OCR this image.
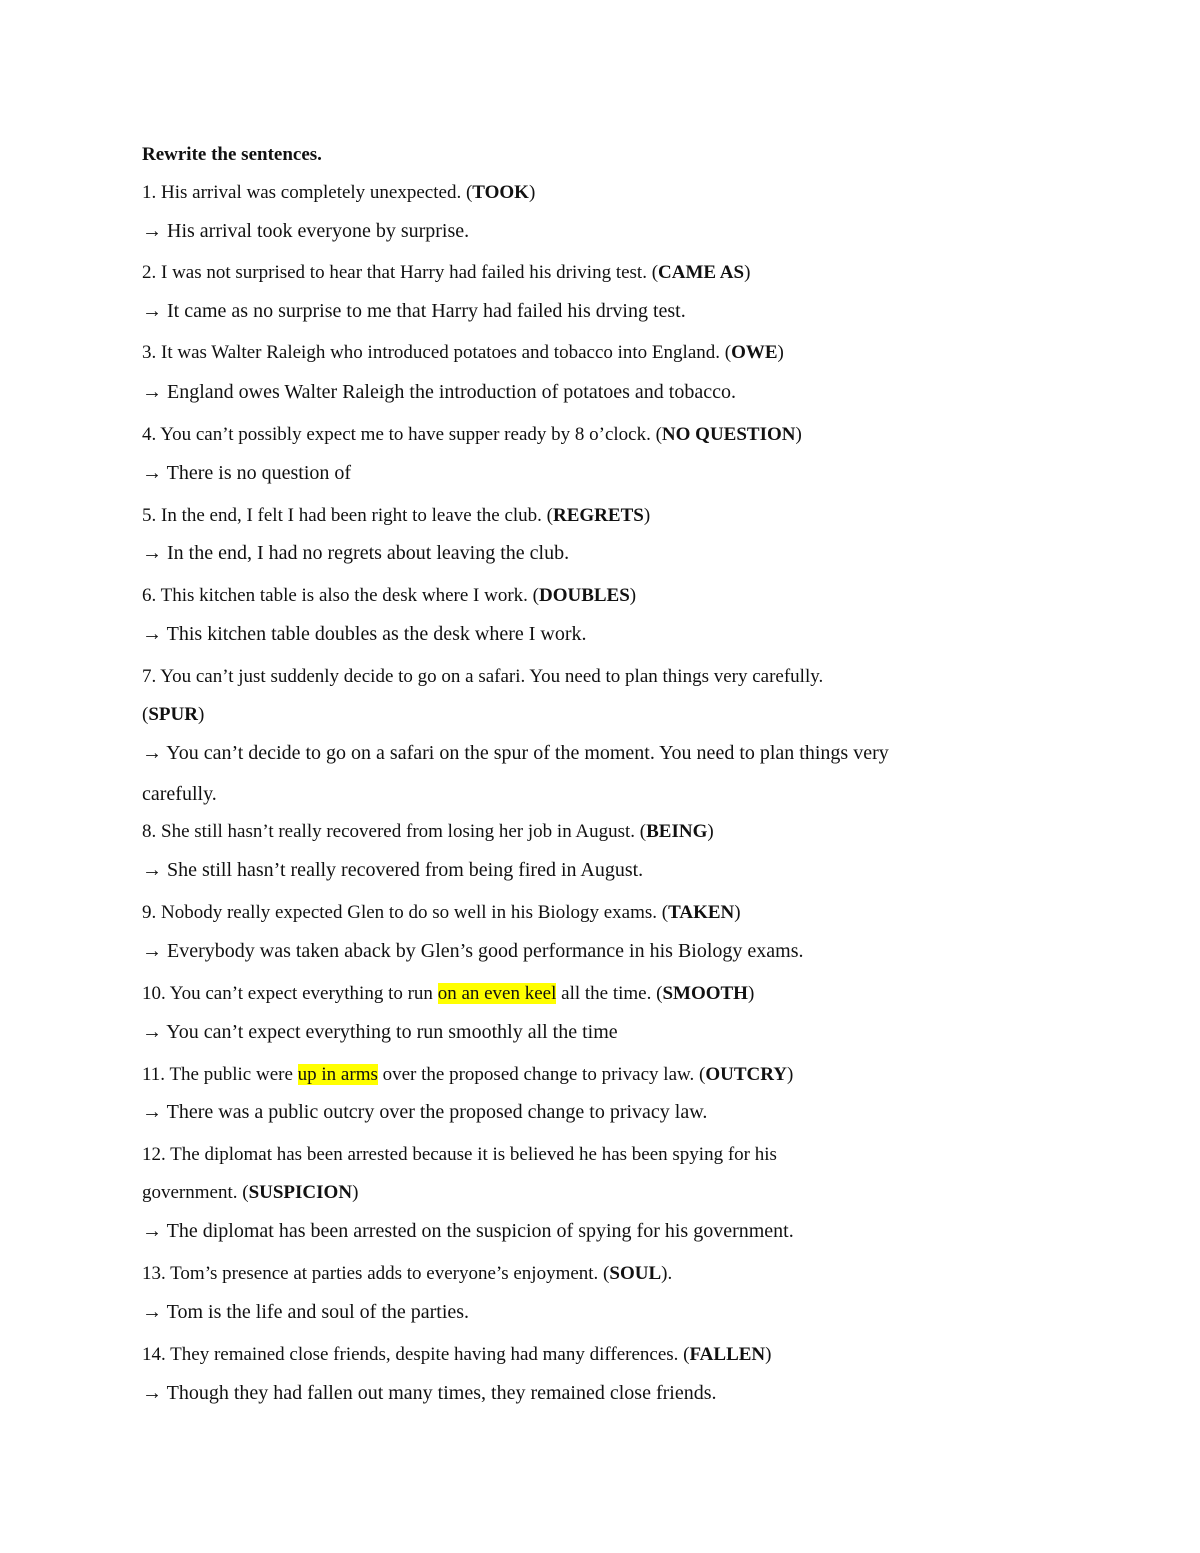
Rewrite the sentences.
1. His arrival was completely unexpected. (TOOK)
→ His arrival took everyone by surprise.
2. I was not surprised to hear that Harry had failed his driving test. (CAME AS)
→ It came as no surprise to me that Harry had failed his drving test.
3. It was Walter Raleigh who introduced potatoes and tobacco into England. (OWE)
→ England owes Walter Raleigh the introduction of potatoes and tobacco.
4. You can’t possibly expect me to have supper ready by 8 o’clock. (NO QUESTION)
→ There is no question of
5. In the end, I felt I had been right to leave the club. (REGRETS)
→ In the end, I had no regrets about leaving the club.
6. This kitchen table is also the desk where I work. (DOUBLES)
→ This kitchen table doubles as the desk where I work.
7. You can’t just suddenly decide to go on a safari. You need to plan things very carefully.
(SPUR)
→ You can’t decide to go on a safari on the spur of the moment. You need to plan things very
carefully.
8. She still hasn’t really recovered from losing her job in August. (BEING)
→ She still hasn’t really recovered from being fired in August.
9. Nobody really expected Glen to do so well in his Biology exams. (TAKEN)
→ Everybody was taken aback by Glen’s good performance in his Biology exams.
10. You can’t expect everything to run on an even keel all the time. (SMOOTH)
→ You can’t expect everything to run smoothly all the time
11. The public were up in arms over the proposed change to privacy law. (OUTCRY)
→ There was a public outcry over the proposed change to privacy law.
12. The diplomat has been arrested because it is believed he has been spying for his
government. (SUSPICION)
→ The diplomat has been arrested on the suspicion of spying for his government.
13. Tom’s presence at parties adds to everyone’s enjoyment. (SOUL).
→ Tom is the life and soul of the parties.
14. They remained close friends, despite having had many differences. (FALLEN)
→ Though they had fallen out many times, they remained close friends.
